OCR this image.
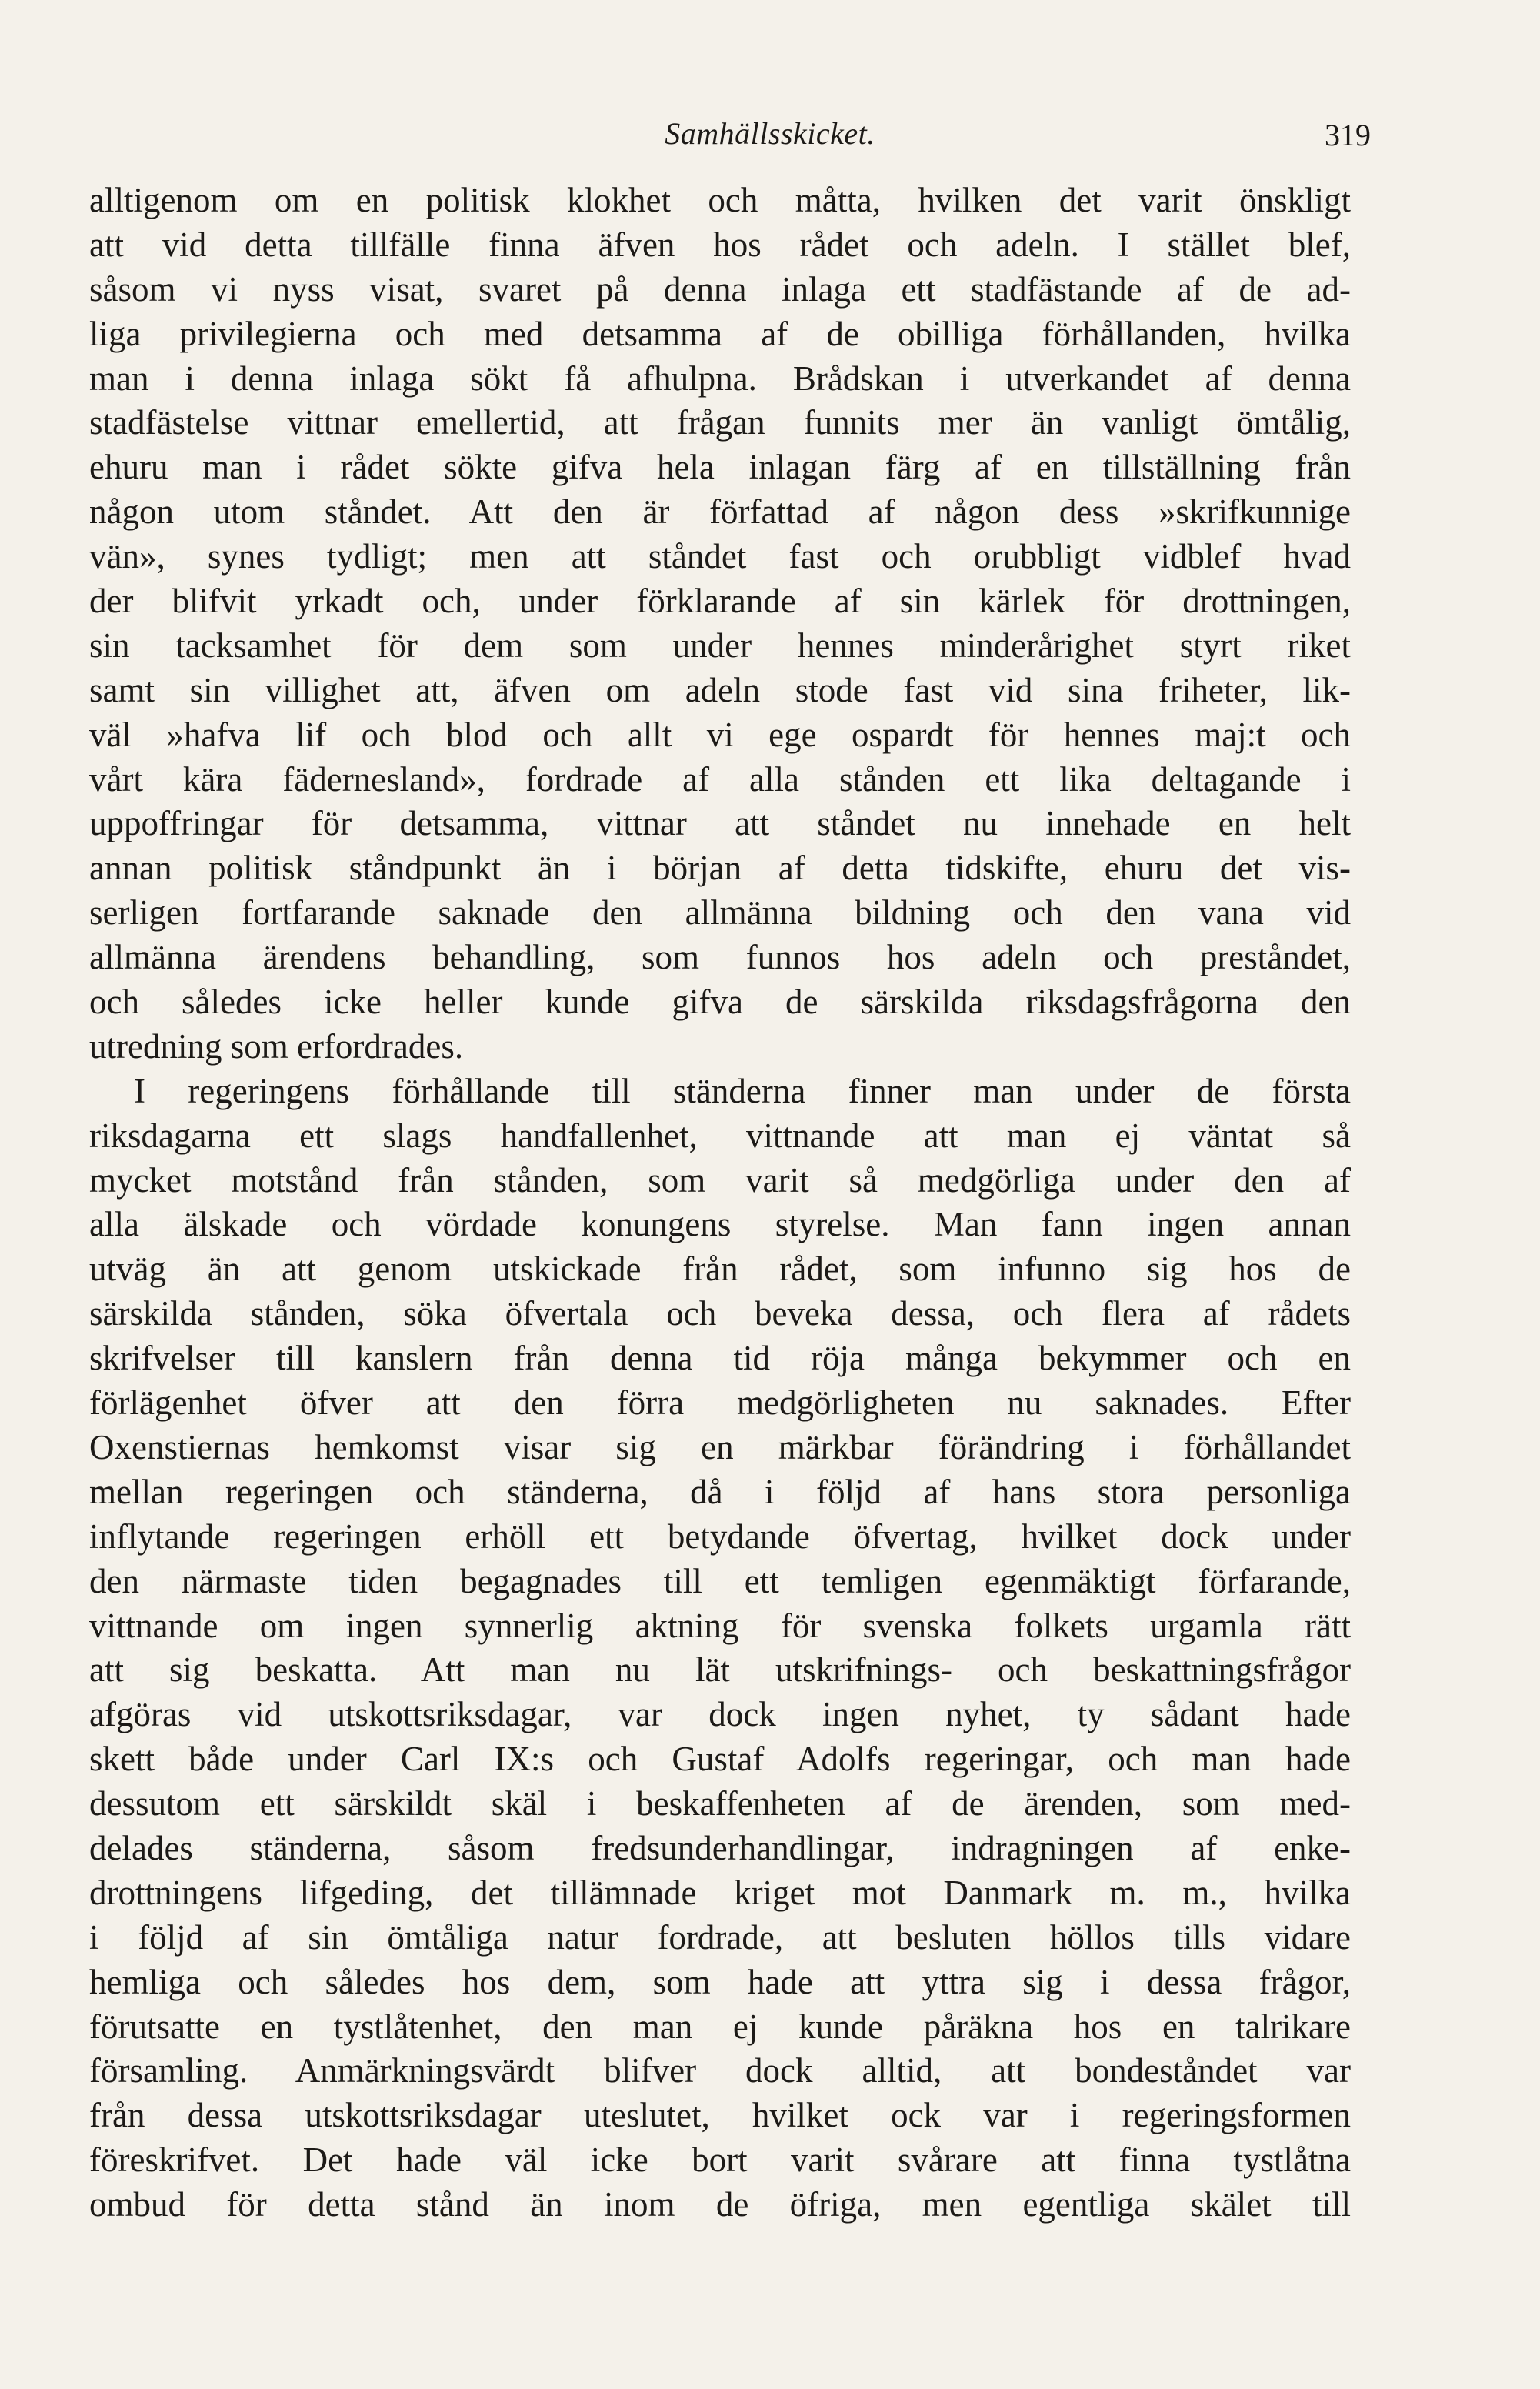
Samhällsskicket.	319
alltigenom om en politisk klokhet och måtta, hvilken det varit önskligt
att vid detta tillfälle finna äfven hos rådet och adeln. I stället blef,
såsom vi nyss visat, svaret på denna inlaga ett stadfästande af de ad-
liga privilegierna och med detsamma af de obilliga förhållanden, hvilka
man i denna inlaga sökt få afhulpna. Brådskan i utverkandet af denna
stadfästelse vittnar emellertid, att frågan funnits mer än vanligt ömtålig,
ehuru man i rådet sökte gifva hela inlagan färg af en tillställning från
någon utom ståndet. Att den är författad af någon dess »skrifkunnige
vän», synes tydligt; men att ståndet fast och orubbligt vidblef hvad
der blifvit yrkadt och, under förklarande af sin kärlek för drottningen,
sin tacksamhet för dem som under hennes minderårighet styrt riket
samt sin villighet att, äfven om adeln stode fast vid sina friheter, lik-
väl »hafva lif och blod och allt vi ege ospardt för hennes maj:t och
vårt kära fädernesland», fordrade af alla stånden ett lika deltagande i
uppoffringar för detsamma, vittnar att ståndet nu innehade en helt
annan politisk ståndpunkt än i början af detta tidskifte, ehuru det vis-
serligen fortfarande saknade den allmänna bildning och den vana vid
allmänna ärendens behandling, som funnos hos adeln och preståndet,
och således icke heller kunde gifva de särskilda riksdagsfrågorna den
utredning som erfordrades.
I regeringens förhållande till ständerna finner man under de första
riksdagarna ett slags handfallenhet, vittnande att man ej väntat så
mycket motstånd från stånden, som varit så medgörliga under den af
alla älskade och vördade konungens styrelse. Man fann ingen annan
utväg än att genom utskickade från rådet, som infunno sig hos de
särskilda stånden, söka öfvertala och beveka dessa, och flera af rådets
skrifvelser till kanslern från denna tid röja många bekymmer och en
förlägenhet öfver att den förra medgörligheten nu saknades. Efter
Oxenstiernas hemkomst visar sig en märkbar förändring i förhållandet
mellan regeringen och ständerna, då i följd af hans stora personliga
inflytande regeringen erhöll ett betydande öfvertag, hvilket dock under
den närmaste tiden begagnades till ett temligen egenmäktigt förfarande,
vittnande om ingen synnerlig aktning för svenska folkets urgamla rätt
att sig beskatta. Att man nu lät utskrifnings- och beskattningsfrågor
afgöras vid utskottsriksdagar, var dock ingen nyhet, ty sådant hade
skett både under Carl IX:s och Gustaf Adolfs regeringar, och man hade
dessutom ett särskildt skäl i beskaffenheten af de ärenden, som med-
delades ständerna, såsom fredsunderhandlingar, indragningen af enke-
drottningens lifgeding, det tillämnade kriget mot Danmark m. m., hvilka
i följd af sin ömtåliga natur fordrade, att besluten höllos tills vidare
hemliga och således hos dem, som hade att yttra sig i dessa frågor,
förutsatte en tystlåtenhet, den man ej kunde påräkna hos en talrikare
församling. Anmärkningsvärdt blifver dock alltid, att bondeståndet var
från dessa utskottsriksdagar uteslutet, hvilket ock var i regeringsformen
föreskrifvet. Det hade väl icke bort varit svårare att finna tystlåtna
ombud för detta stånd än inom de öfriga, men egentliga skälet till
